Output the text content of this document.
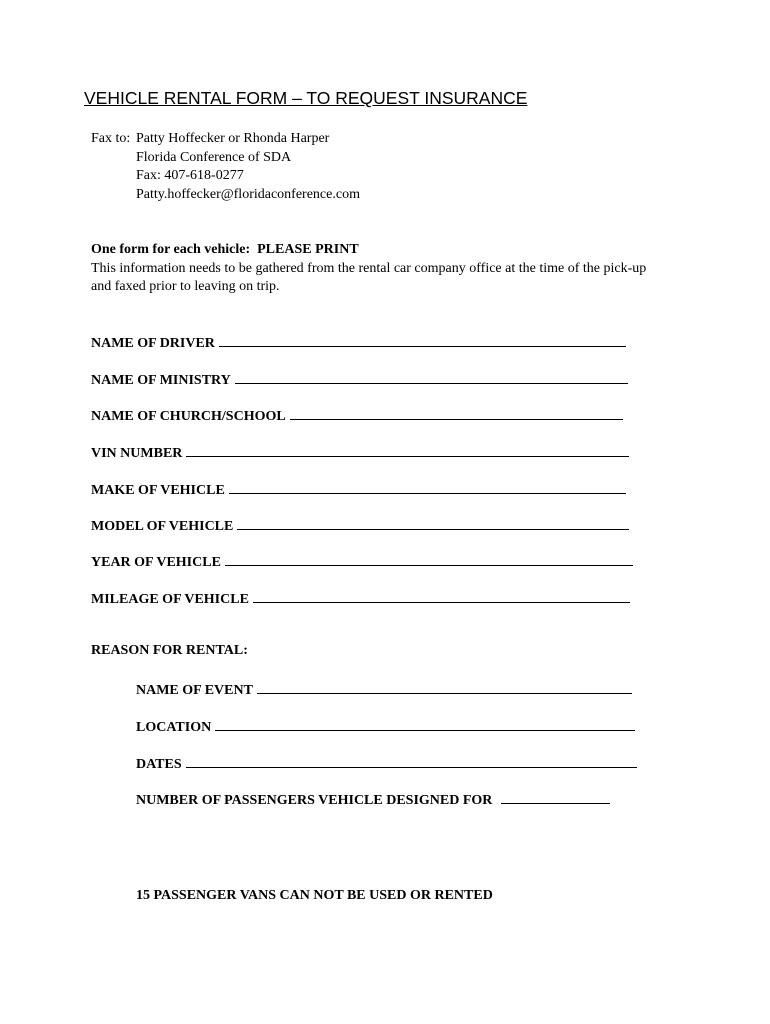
VEHICLE RENTAL FORM – TO REQUEST INSURANCE
Fax to: Patty Hoffecker or Rhonda Harper
Florida Conference of SDA
Fax: 407-618-0277
Patty.hoffecker@floridaconference.com
One form for each vehicle:  PLEASE PRINT
This information needs to be gathered from the rental car company office at the time of the pick-up and faxed prior to leaving on trip.
NAME OF DRIVER
NAME OF MINISTRY
NAME OF CHURCH/SCHOOL
VIN NUMBER
MAKE OF VEHICLE
MODEL OF VEHICLE
YEAR OF VEHICLE
MILEAGE OF VEHICLE
REASON FOR RENTAL:
NAME OF EVENT
LOCATION
DATES
NUMBER OF PASSENGERS VEHICLE DESIGNED FOR
15 PASSENGER VANS CAN NOT BE USED OR RENTED
